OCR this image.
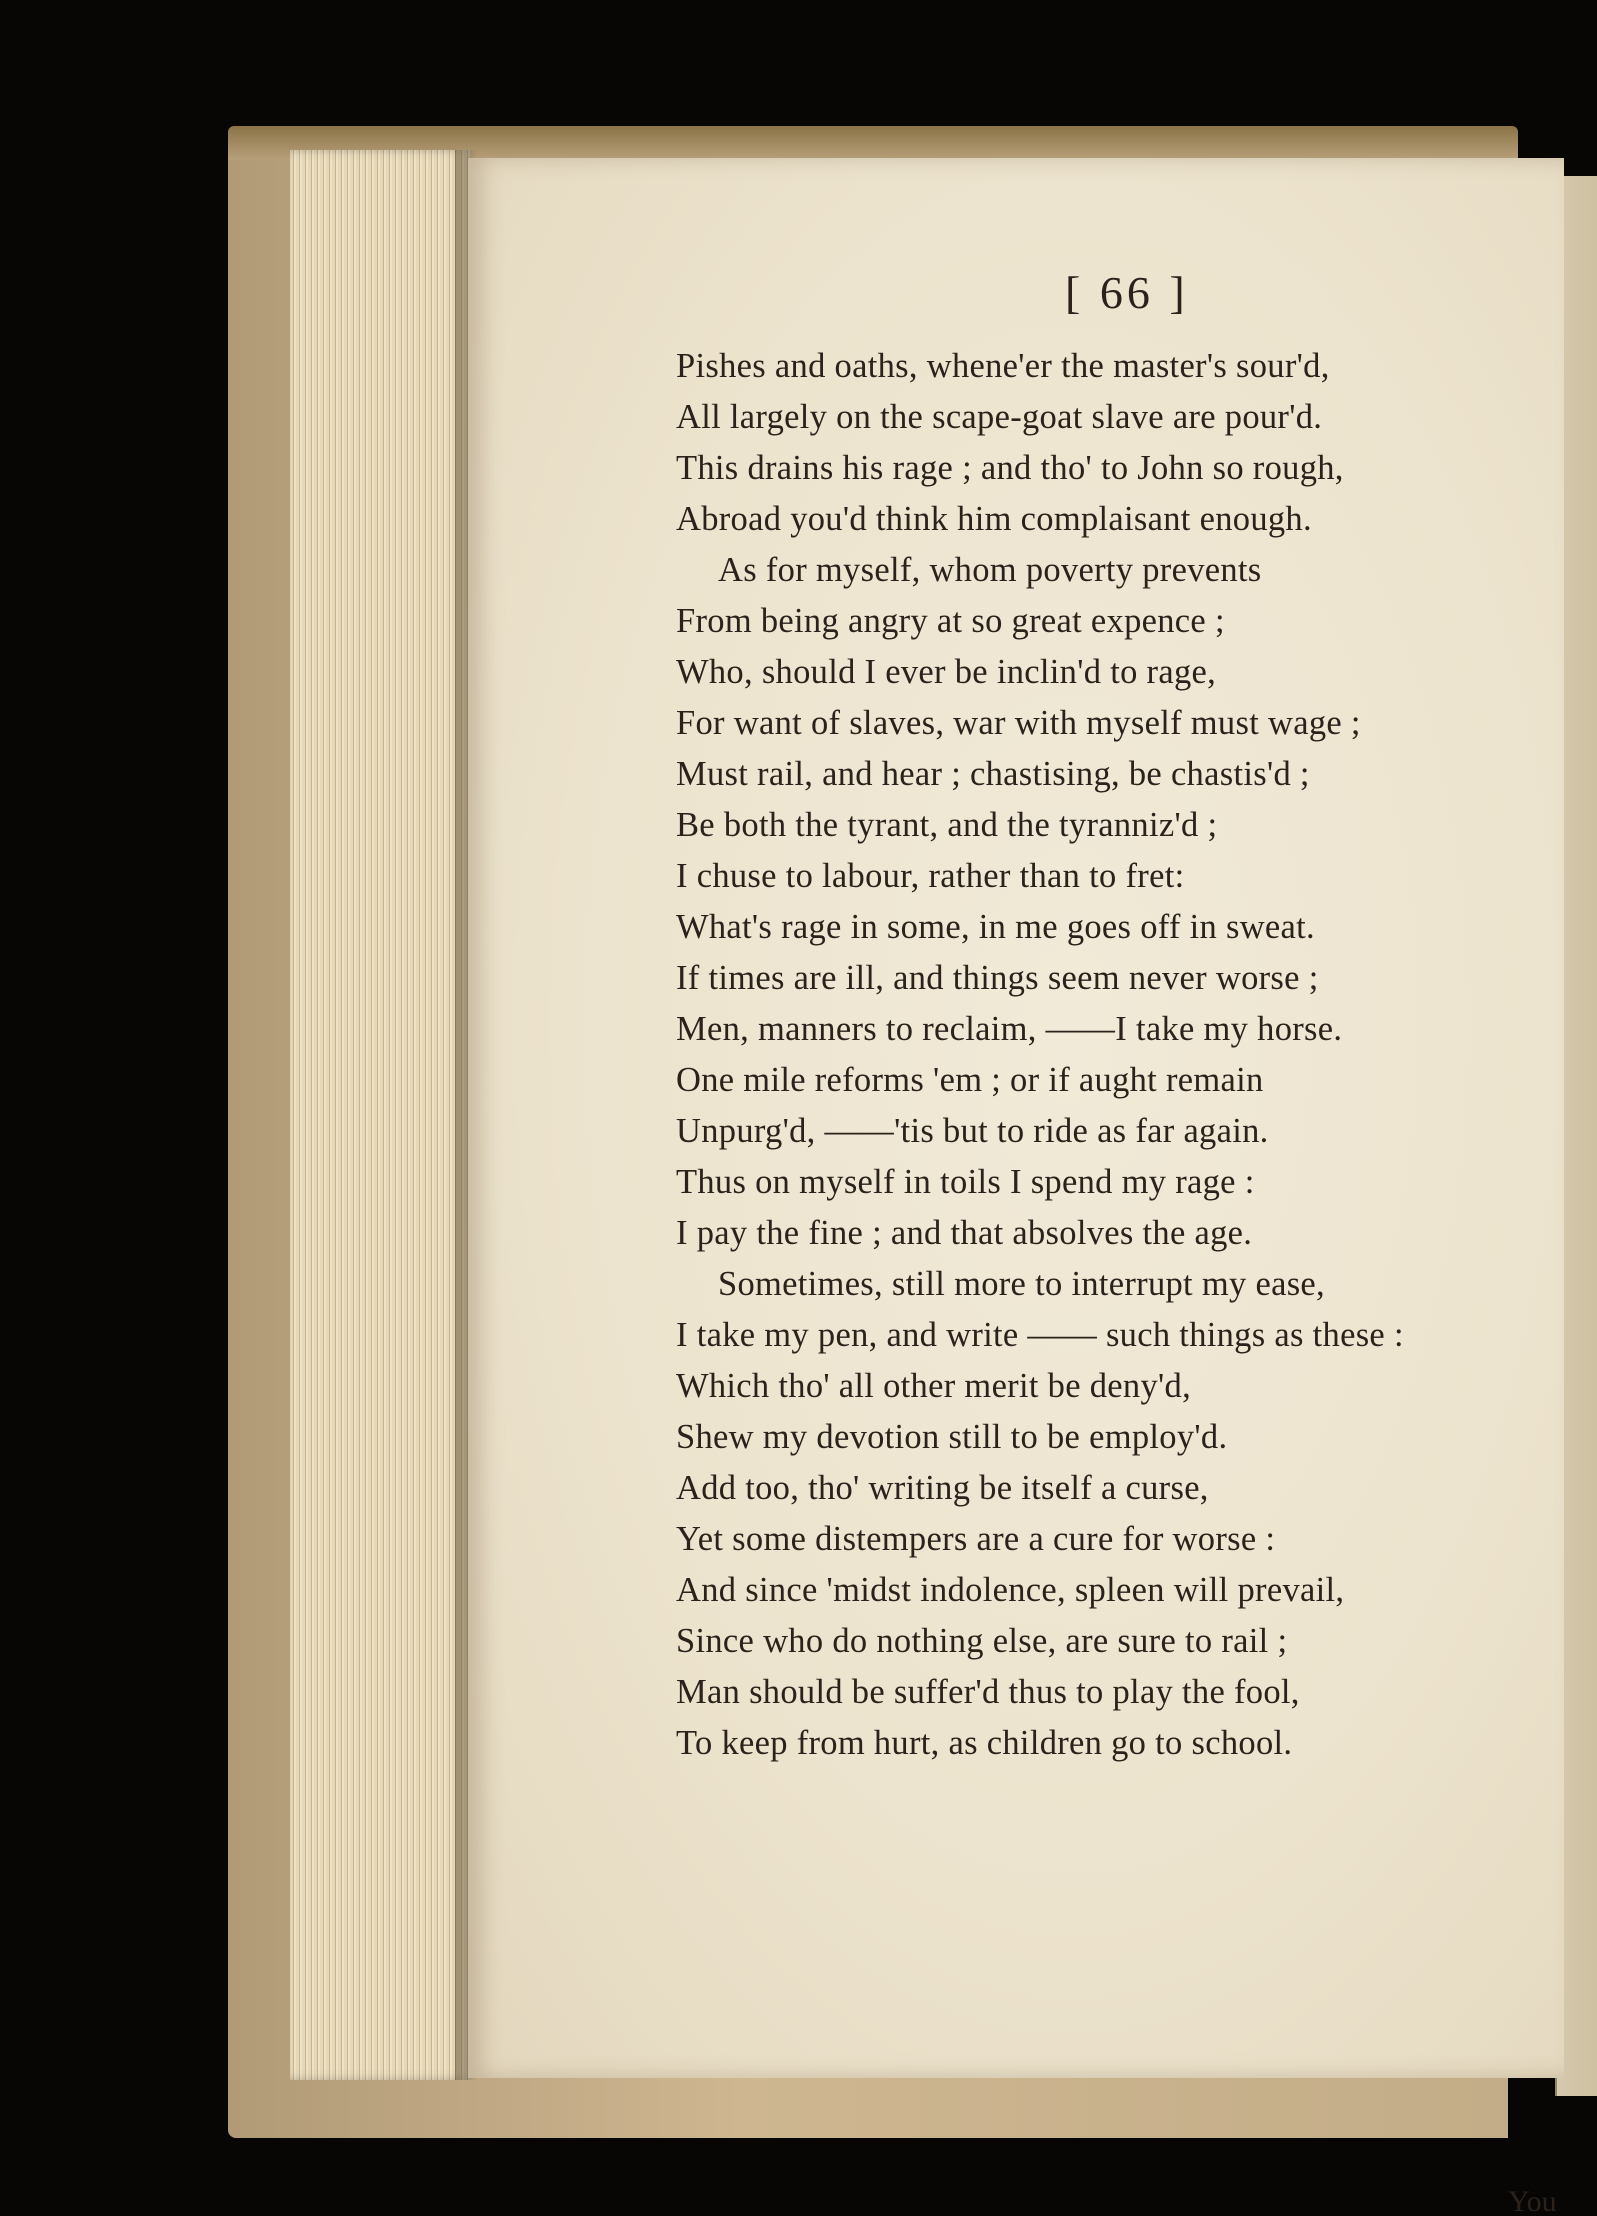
[ 66 ]
Pishes and oaths, whene'er the master's sour'd,
All largely on the scape-goat slave are pour'd.
This drains his rage ; and tho' to John so rough,
Abroad you'd think him complaisant enough.
As for myself, whom poverty prevents
From being angry at so great expence ;
Who, should I ever be inclin'd to rage,
For want of slaves, war with myself must wage ;
Must rail, and hear ; chastising, be chastis'd ;
Be both the tyrant, and the tyranniz'd ;
I chuse to labour, rather than to fret:
What's rage in some, in me goes off in sweat.
If times are ill, and things seem never worse ;
Men, manners to reclaim, ——I take my horse.
One mile reforms 'em ; or if aught remain
Unpurg'd, ——'tis but to ride as far again.
Thus on myself in toils I spend my rage :
I pay the fine ; and that absolves the age.
Sometimes, still more to interrupt my ease,
I take my pen, and write —— such things as these :
Which tho' all other merit be deny'd,
Shew my devotion still to be employ'd.
Add too, tho' writing be itself a curse,
Yet some distempers are a cure for worse :
And since 'midst indolence, spleen will prevail,
Since who do nothing else, are sure to rail ;
Man should be suffer'd thus to play the fool,
To keep from hurt, as children go to school.
You
